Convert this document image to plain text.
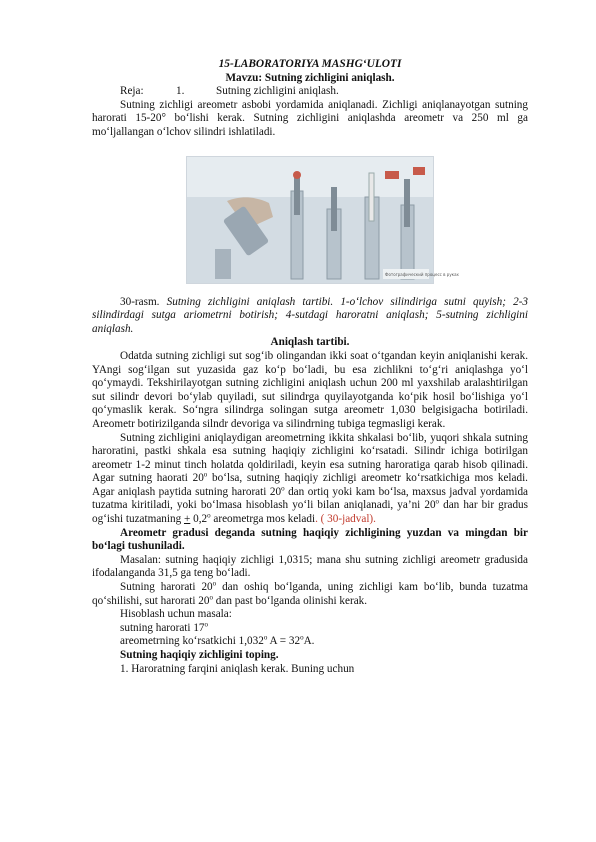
15-LABORATORIYA MASHG‘ULOTI

Mavzu: Sutning zichligini aniqlash.

Reja:	1.	Sutning zichligini aniqlash.

Sutning zichligi areometr asbobi yordamida aniqlanadi. Zichligi aniqlanayotgan sutning harorati 15-20° bo‘lishi kerak. Sutning zichligini aniqlashda areometr va 250 ml ga mo‘ljallangan o‘lchov silindri ishlatiladi.

Фотографический процесс в руках

30-rasm. Sutning zichligini aniqlash tartibi. 1-o‘lchov silindiriga sutni quyish; 2-3 silindirdagi sutga ariometrni botirish; 4-sutdagi haroratni aniqlash; 5-sutning zichligini aniqlash.

Aniqlash tartibi.

Odatda sutning zichligi sut sog‘ib olingandan ikki soat o‘tgandan keyin aniqlanishi kerak. YAngi sog‘ilgan sut yuzasida gaz ko‘p bo‘ladi, bu esa zichlikni to‘g‘ri aniqlashga yo‘l qo‘ymaydi. Tekshirilayotgan sutning zichligini aniqlash uchun 200 ml yaxshilab aralashtirilgan sut silindr devori bo‘ylab quyiladi, sut silindrga quyilayotganda ko‘pik hosil bo‘lishiga yo‘l qo‘ymaslik kerak. So‘ngra silindrga solingan sutga areometr 1,030 belgisigacha botiriladi. Areometr botirizilganda silndr devoriga va silindrning tubiga tegmasligi kerak.

Sutning zichligini aniqlaydigan areometrning ikkita shkalasi bo‘lib, yuqori shkala sutning haroratini, pastki shkala esa sutning haqiqiy zichligini ko‘rsatadi. Silindr ichiga botirilgan areometr 1-2 minut tinch holatda qoldiriladi, keyin esa sutning haroratiga qarab hisob qilinadi. Agar sutning haorati 20$^o$ bo‘lsa, sutning haqiqiy zichligi areometr ko‘rsatkichiga mos keladi. Agar aniqlash paytida sutning harorati 20$^o$ dan ortiq yoki kam bo‘lsa, maxsus jadval yordamida tuzatma kiritiladi, yoki bo‘lmasa hisoblash yo‘li bilan aniqlanadi, ya’ni 20$^o$ dan har bir gradus og‘ishi tuzatmaning + $0,2^o$ areometrga mos keladi. ( 30-jadval).

Areometr gradusi deganda sutning haqiqiy zichligining yuzdan va mingdan bir bo‘lagi tushuniladi.

Masalan: sutning haqiqiy zichligi 1,0315; mana shu sutning zichligi areometr gradusida ifodalanganda 31,5 ga teng bo‘ladi.

Sutning harorati 20$^o$ dan oshiq bo‘lganda, uning zichligi kam bo‘lib, bunda tuzatma qo‘shilishi, sut harorati 20$^o$ dan past bo‘lganda olinishi kerak.

Hisoblash uchun masala:

sutning harorati 17$^o$

areometrning ko‘rsatkichi 1,032$^o$ $A = 32^oA$.

Sutning haqiqiy zichligini toping.

1. Haroratning farqini aniqlash kerak. Buning uchun
